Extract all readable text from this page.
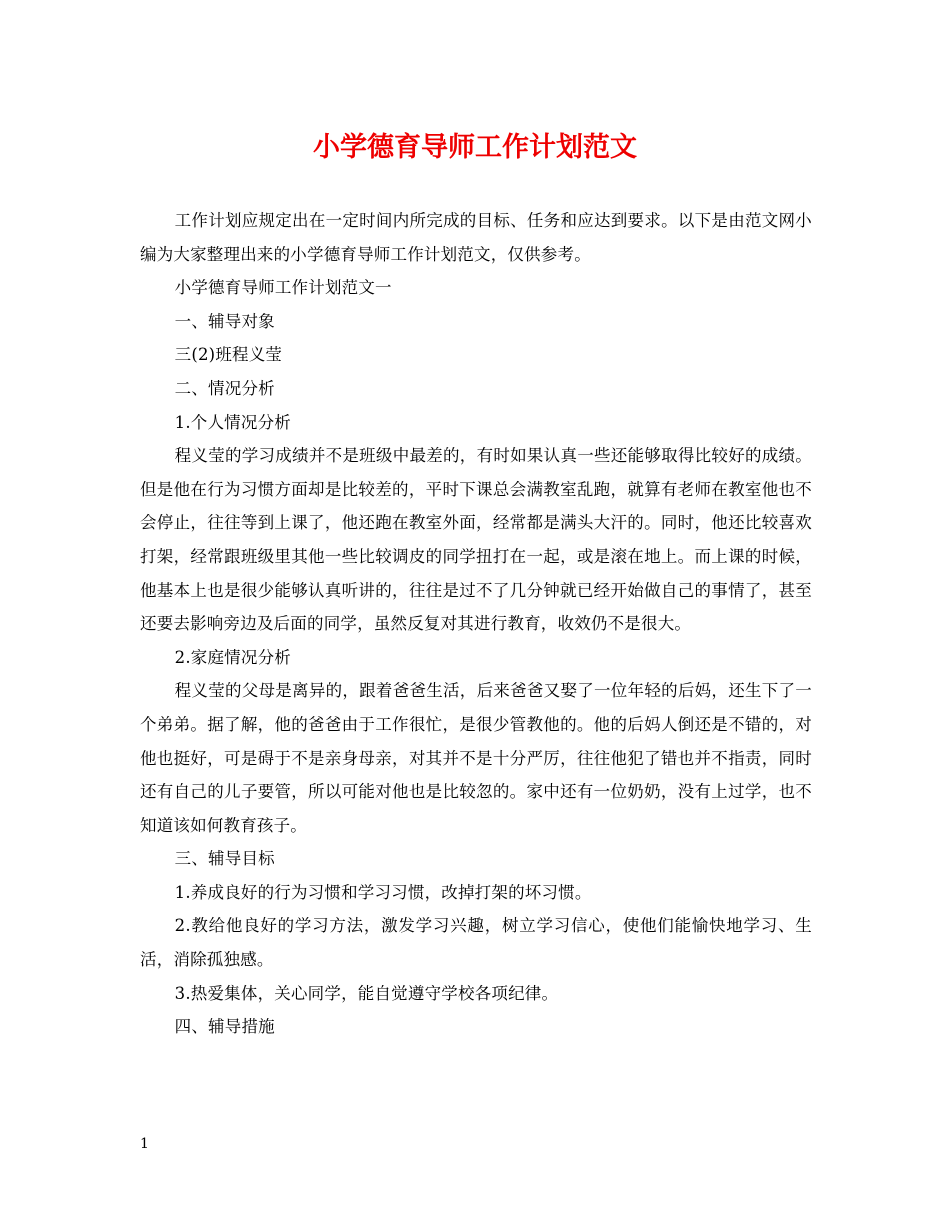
小学德育导师工作计划范文

工作计划应规定出在一定时间内所完成的目标、任务和应达到要求。以下是由范文网小编为大家整理出来的小学德育导师工作计划范文，仅供参考。

小学德育导师工作计划范文一

一、辅导对象

三(2)班程义莹

二、情况分析

1.个人情况分析

程义莹的学习成绩并不是班级中最差的，有时如果认真一些还能够取得比较好的成绩。但是他在行为习惯方面却是比较差的，平时下课总会满教室乱跑，就算有老师在教室他也不会停止，往往等到上课了，他还跑在教室外面，经常都是满头大汗的。同时，他还比较喜欢打架，经常跟班级里其他一些比较调皮的同学扭打在一起，或是滚在地上。而上课的时候，他基本上也是很少能够认真听讲的，往往是过不了几分钟就已经开始做自己的事情了，甚至还要去影响旁边及后面的同学，虽然反复对其进行教育，收效仍不是很大。

2.家庭情况分析

程义莹的父母是离异的，跟着爸爸生活，后来爸爸又娶了一位年轻的后妈，还生下了一个弟弟。据了解，他的爸爸由于工作很忙，是很少管教他的。他的后妈人倒还是不错的，对他也挺好，可是碍于不是亲身母亲，对其并不是十分严厉，往往他犯了错也并不指责，同时还有自己的儿子要管，所以可能对他也是比较忽的。家中还有一位奶奶，没有上过学，也不知道该如何教育孩子。

三、辅导目标

1.养成良好的行为习惯和学习习惯，改掉打架的坏习惯。

2.教给他良好的学习方法，激发学习兴趣，树立学习信心，使他们能愉快地学习、生活，消除孤独感。

3.热爱集体，关心同学，能自觉遵守学校各项纪律。

四、辅导措施

1
